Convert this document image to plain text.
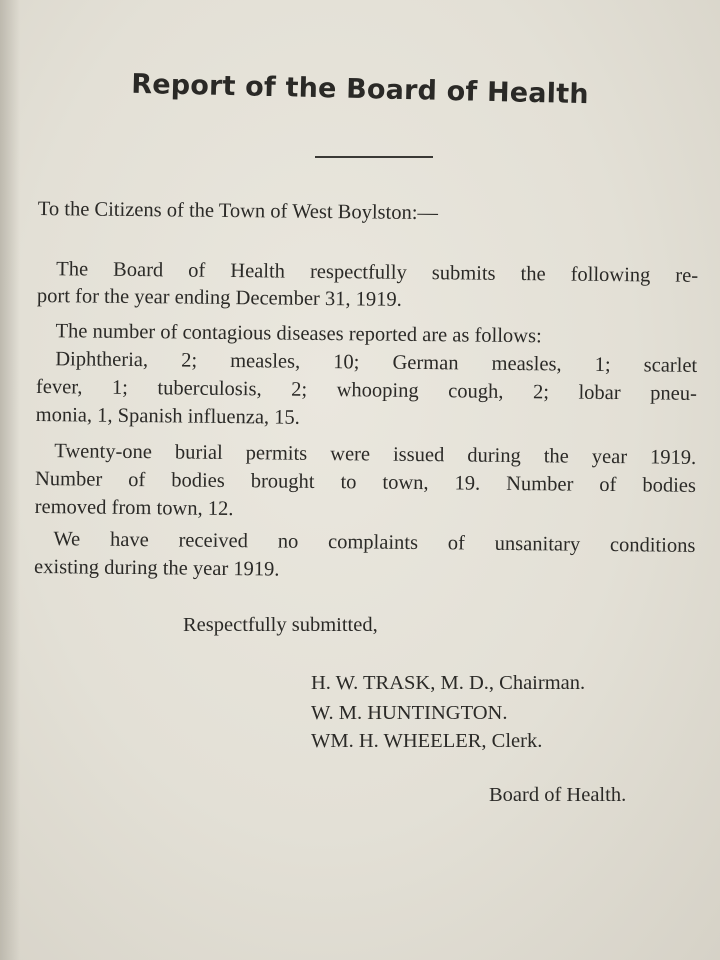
Report of the Board of Health
To the Citizens of the Town of West Boylston:—
The Board of Health respectfully submits the following re-
port for the year ending December 31, 1919.
The number of contagious diseases reported are as follows:
Diphtheria, 2; measles, 10; German measles, 1; scarlet
fever, 1; tuberculosis, 2; whooping cough, 2; lobar pneu-
monia, 1, Spanish influenza, 15.
Twenty-one burial permits were issued during the year 1919.
Number of bodies brought to town, 19. Number of bodies
removed from town, 12.
We have received no complaints of unsanitary conditions
existing during the year 1919.
Respectfully submitted,
H. W. TRASK, M. D., Chairman.
W. M. HUNTINGTON.
WM. H. WHEELER, Clerk.
Board of Health.
